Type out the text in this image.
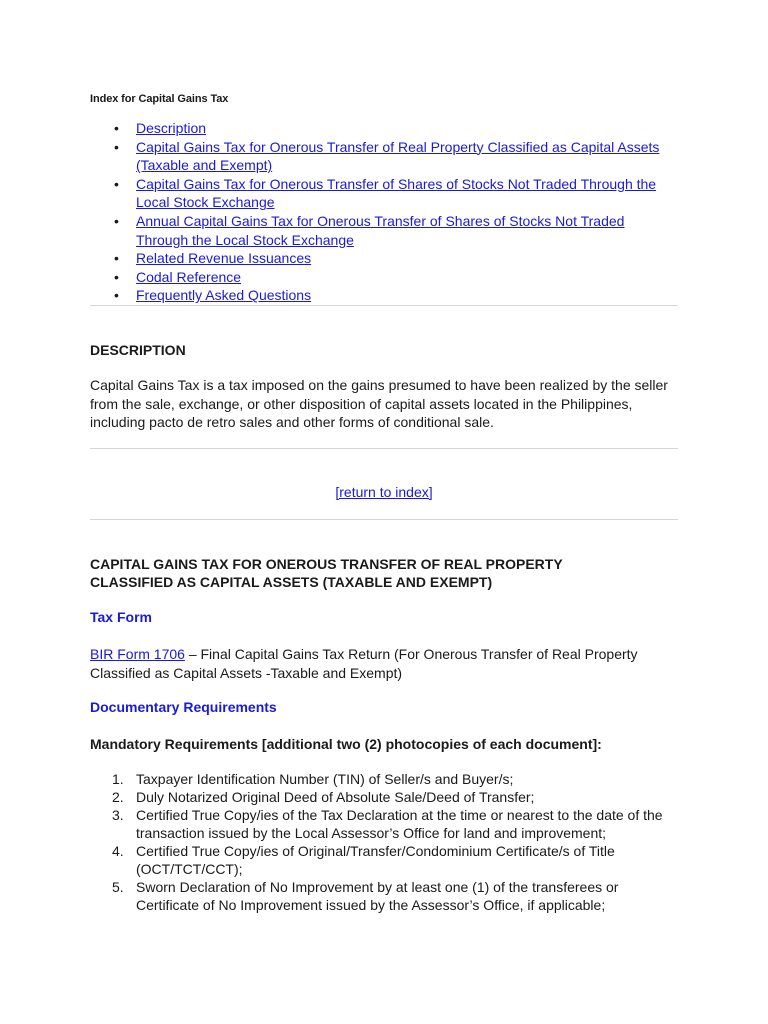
Index for Capital Gains Tax
• Description
• Capital Gains Tax for Onerous Transfer of Real Property Classified as Capital Assets (Taxable and Exempt)
• Capital Gains Tax for Onerous Transfer of Shares of Stocks Not Traded Through the Local Stock Exchange
• Annual Capital Gains Tax for Onerous Transfer of Shares of Stocks Not Traded Through the Local Stock Exchange
• Related Revenue Issuances
• Codal Reference
• Frequently Asked Questions
DESCRIPTION
Capital Gains Tax is a tax imposed on the gains presumed to have been realized by the seller from the sale, exchange, or other disposition of capital assets located in the Philippines, including pacto de retro sales and other forms of conditional sale.
[return to index]
CAPITAL GAINS TAX FOR ONEROUS TRANSFER OF REAL PROPERTY
CLASSIFIED AS CAPITAL ASSETS (TAXABLE AND EXEMPT)
Tax Form
BIR Form 1706 – Final Capital Gains Tax Return (For Onerous Transfer of Real Property Classified as Capital Assets -Taxable and Exempt)
Documentary Requirements
Mandatory Requirements [additional two (2) photocopies of each document]:
1. Taxpayer Identification Number (TIN) of Seller/s and Buyer/s;
2. Duly Notarized Original Deed of Absolute Sale/Deed of Transfer;
3. Certified True Copy/ies of the Tax Declaration at the time or nearest to the date of the transaction issued by the Local Assessor’s Office for land and improvement;
4. Certified True Copy/ies of Original/Transfer/Condominium Certificate/s of Title (OCT/TCT/CCT);
5. Sworn Declaration of No Improvement by at least one (1) of the transferees or Certificate of No Improvement issued by the Assessor’s Office, if applicable;
